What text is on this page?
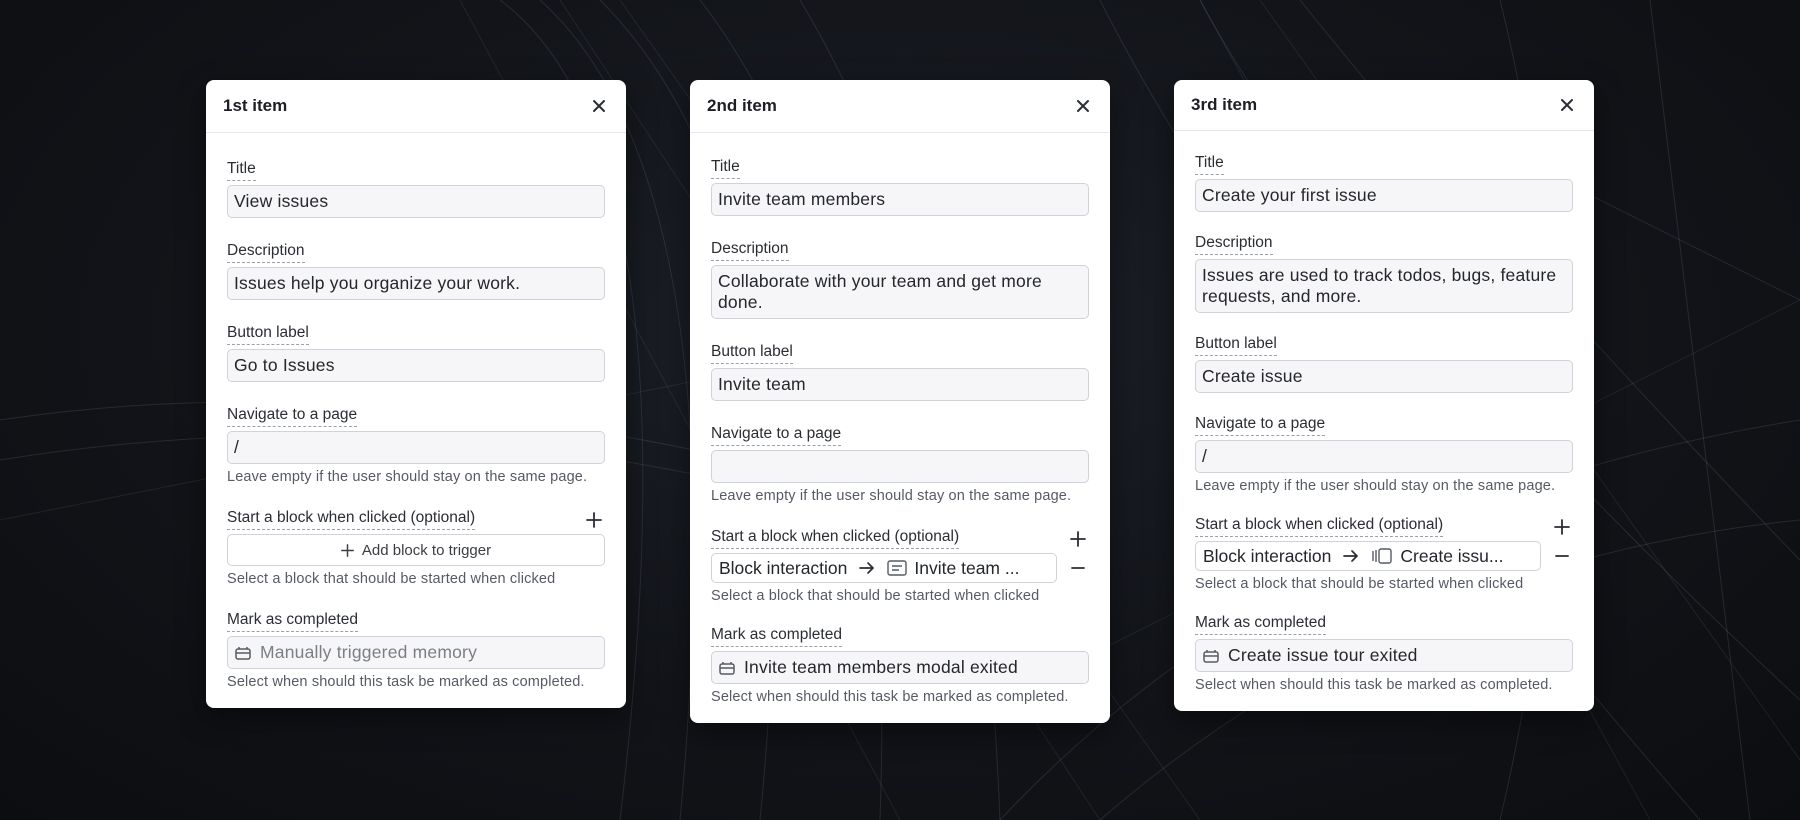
1st item
Title
View issues
Description
Issues help you organize your work.
Button label
Go to Issues
Navigate to a page
/
Leave empty if the user should stay on the same page.
Start a block when clicked (optional)
Add block to trigger
Select a block that should be started when clicked
Mark as completed
Manually triggered memory
Select when should this task be marked as completed.
2nd item
Title
Invite team members
Description
Collaborate with your team and get more done.
Button label
Invite team
Navigate to a page
Leave empty if the user should stay on the same page.
Start a block when clicked (optional)
Block interaction	Invite team ...
Select a block that should be started when clicked
Mark as completed
Invite team members modal exited
Select when should this task be marked as completed.
3rd item
Title
Create your first issue
Description
Issues are used to track todos, bugs, feature requests, and more.
Button label
Create issue
Navigate to a page
/
Leave empty if the user should stay on the same page.
Start a block when clicked (optional)
Block interaction	Create issu...
Select a block that should be started when clicked
Mark as completed
Create issue tour exited
Select when should this task be marked as completed.
